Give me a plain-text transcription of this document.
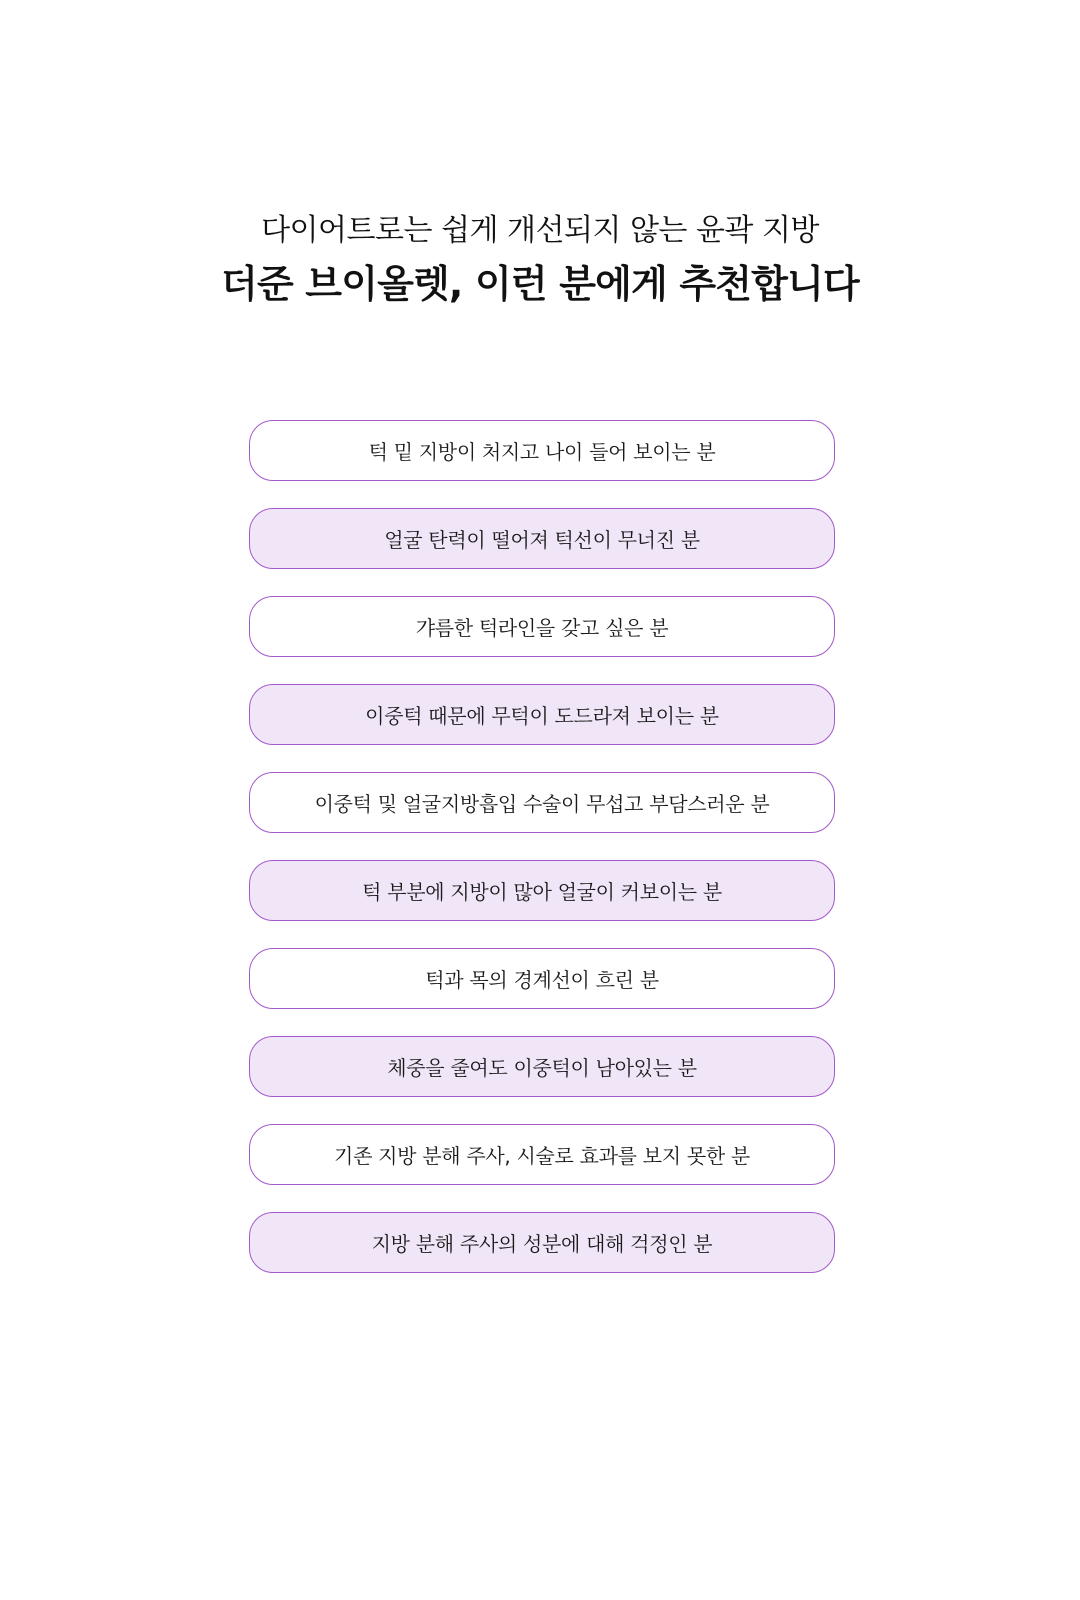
다이어트로는 쉽게 개선되지 않는 윤곽 지방
더준 브이올렛, 이런 분에게 추천합니다
턱 밑 지방이 처지고 나이 들어 보이는 분
얼굴 탄력이 떨어져 턱선이 무너진 분
갸름한 턱라인을 갖고 싶은 분
이중턱 때문에 무턱이 도드라져 보이는 분
이중턱 및 얼굴지방흡입 수술이 무섭고 부담스러운 분
턱 부분에 지방이 많아 얼굴이 커보이는 분
턱과 목의 경계선이 흐린 분
체중을 줄여도 이중턱이 남아있는 분
기존 지방 분해 주사, 시술로 효과를 보지 못한 분
지방 분해 주사의 성분에 대해 걱정인 분
